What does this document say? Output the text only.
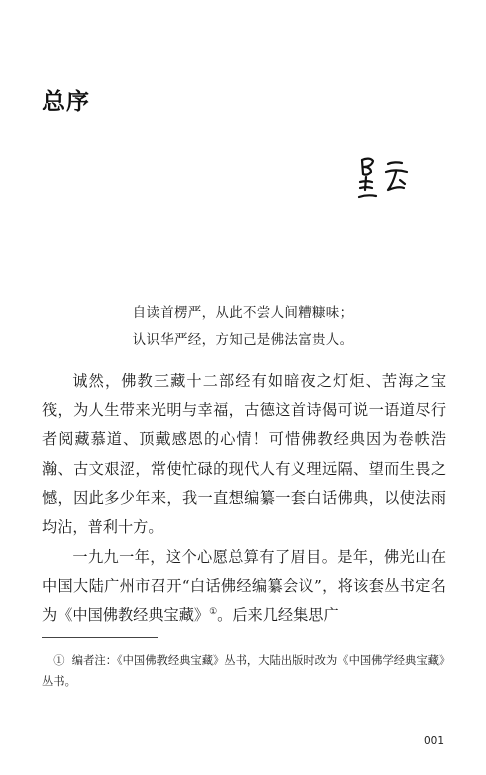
总序
自读首楞严，从此不尝人间糟糠味；
认识华严经，方知己是佛法富贵人。

诚然，佛教三藏十二部经有如暗夜之灯炬、苦海之宝筏，为人生带来光明与幸福，古德这首诗偈可说一语道尽行者阅藏慕道、顶戴感恩的心情！可惜佛教经典因为卷帙浩瀚、古文艰涩，常使忙碌的现代人有义理远隔、望而生畏之憾，因此多少年来，我一直想编纂一套白话佛典，以使法雨均沾，普利十方。

一九九一年，这个心愿总算有了眉目。是年，佛光山在中国大陆广州市召开“白话佛经编纂会议”，将该套丛书定名为《中国佛教经典宝藏》①。后来几经集思广

① 编者注：《中国佛教经典宝藏》丛书，大陆出版时改为《中国佛学经典宝藏》丛书。

001
